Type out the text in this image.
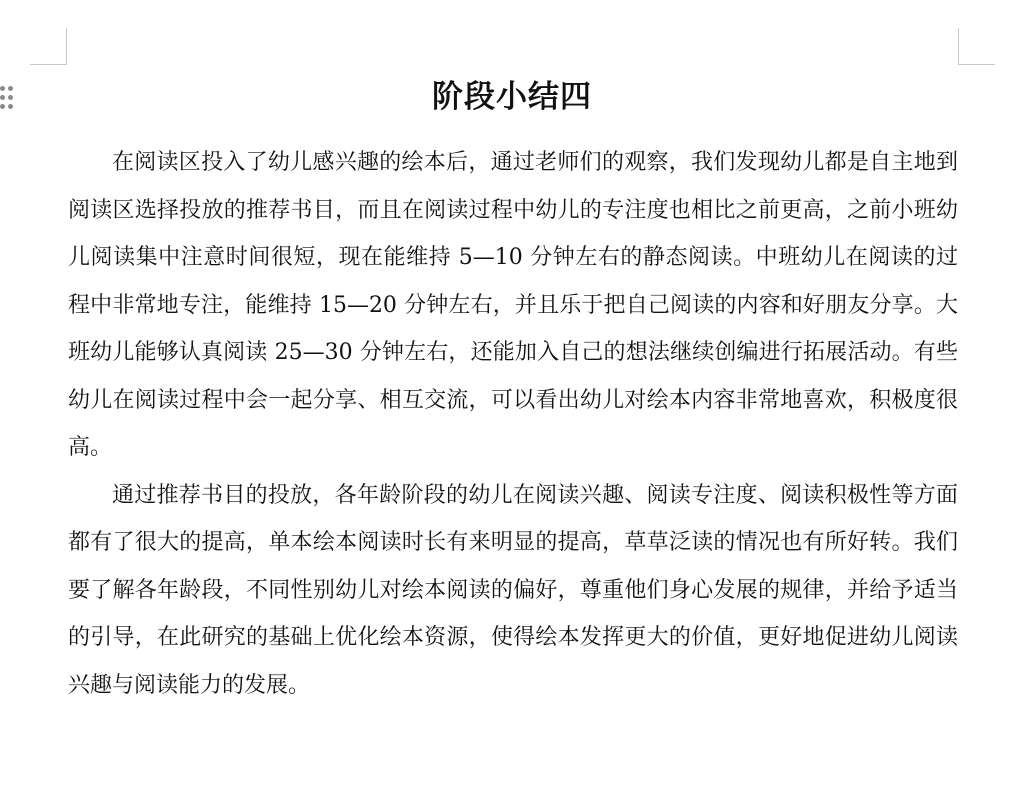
阶段小结四

在阅读区投入了幼儿感兴趣的绘本后，通过老师们的观察，我们发现幼儿都是自主地到阅读区选择投放的推荐书目，而且在阅读过程中幼儿的专注度也相比之前更高，之前小班幼儿阅读集中注意时间很短，现在能维持 5—10 分钟左右的静态阅读。中班幼儿在阅读的过程中非常地专注，能维持 15—20 分钟左右，并且乐于把自己阅读的内容和好朋友分享。大班幼儿能够认真阅读 25—30 分钟左右，还能加入自己的想法继续创编进行拓展活动。有些幼儿在阅读过程中会一起分享、相互交流，可以看出幼儿对绘本内容非常地喜欢，积极度很高。

通过推荐书目的投放，各年龄阶段的幼儿在阅读兴趣、阅读专注度、阅读积极性等方面都有了很大的提高，单本绘本阅读时长有来明显的提高，草草泛读的情况也有所好转。我们要了解各年龄段，不同性别幼儿对绘本阅读的偏好，尊重他们身心发展的规律，并给予适当的引导，在此研究的基础上优化绘本资源，使得绘本发挥更大的价值，更好地促进幼儿阅读兴趣与阅读能力的发展。
